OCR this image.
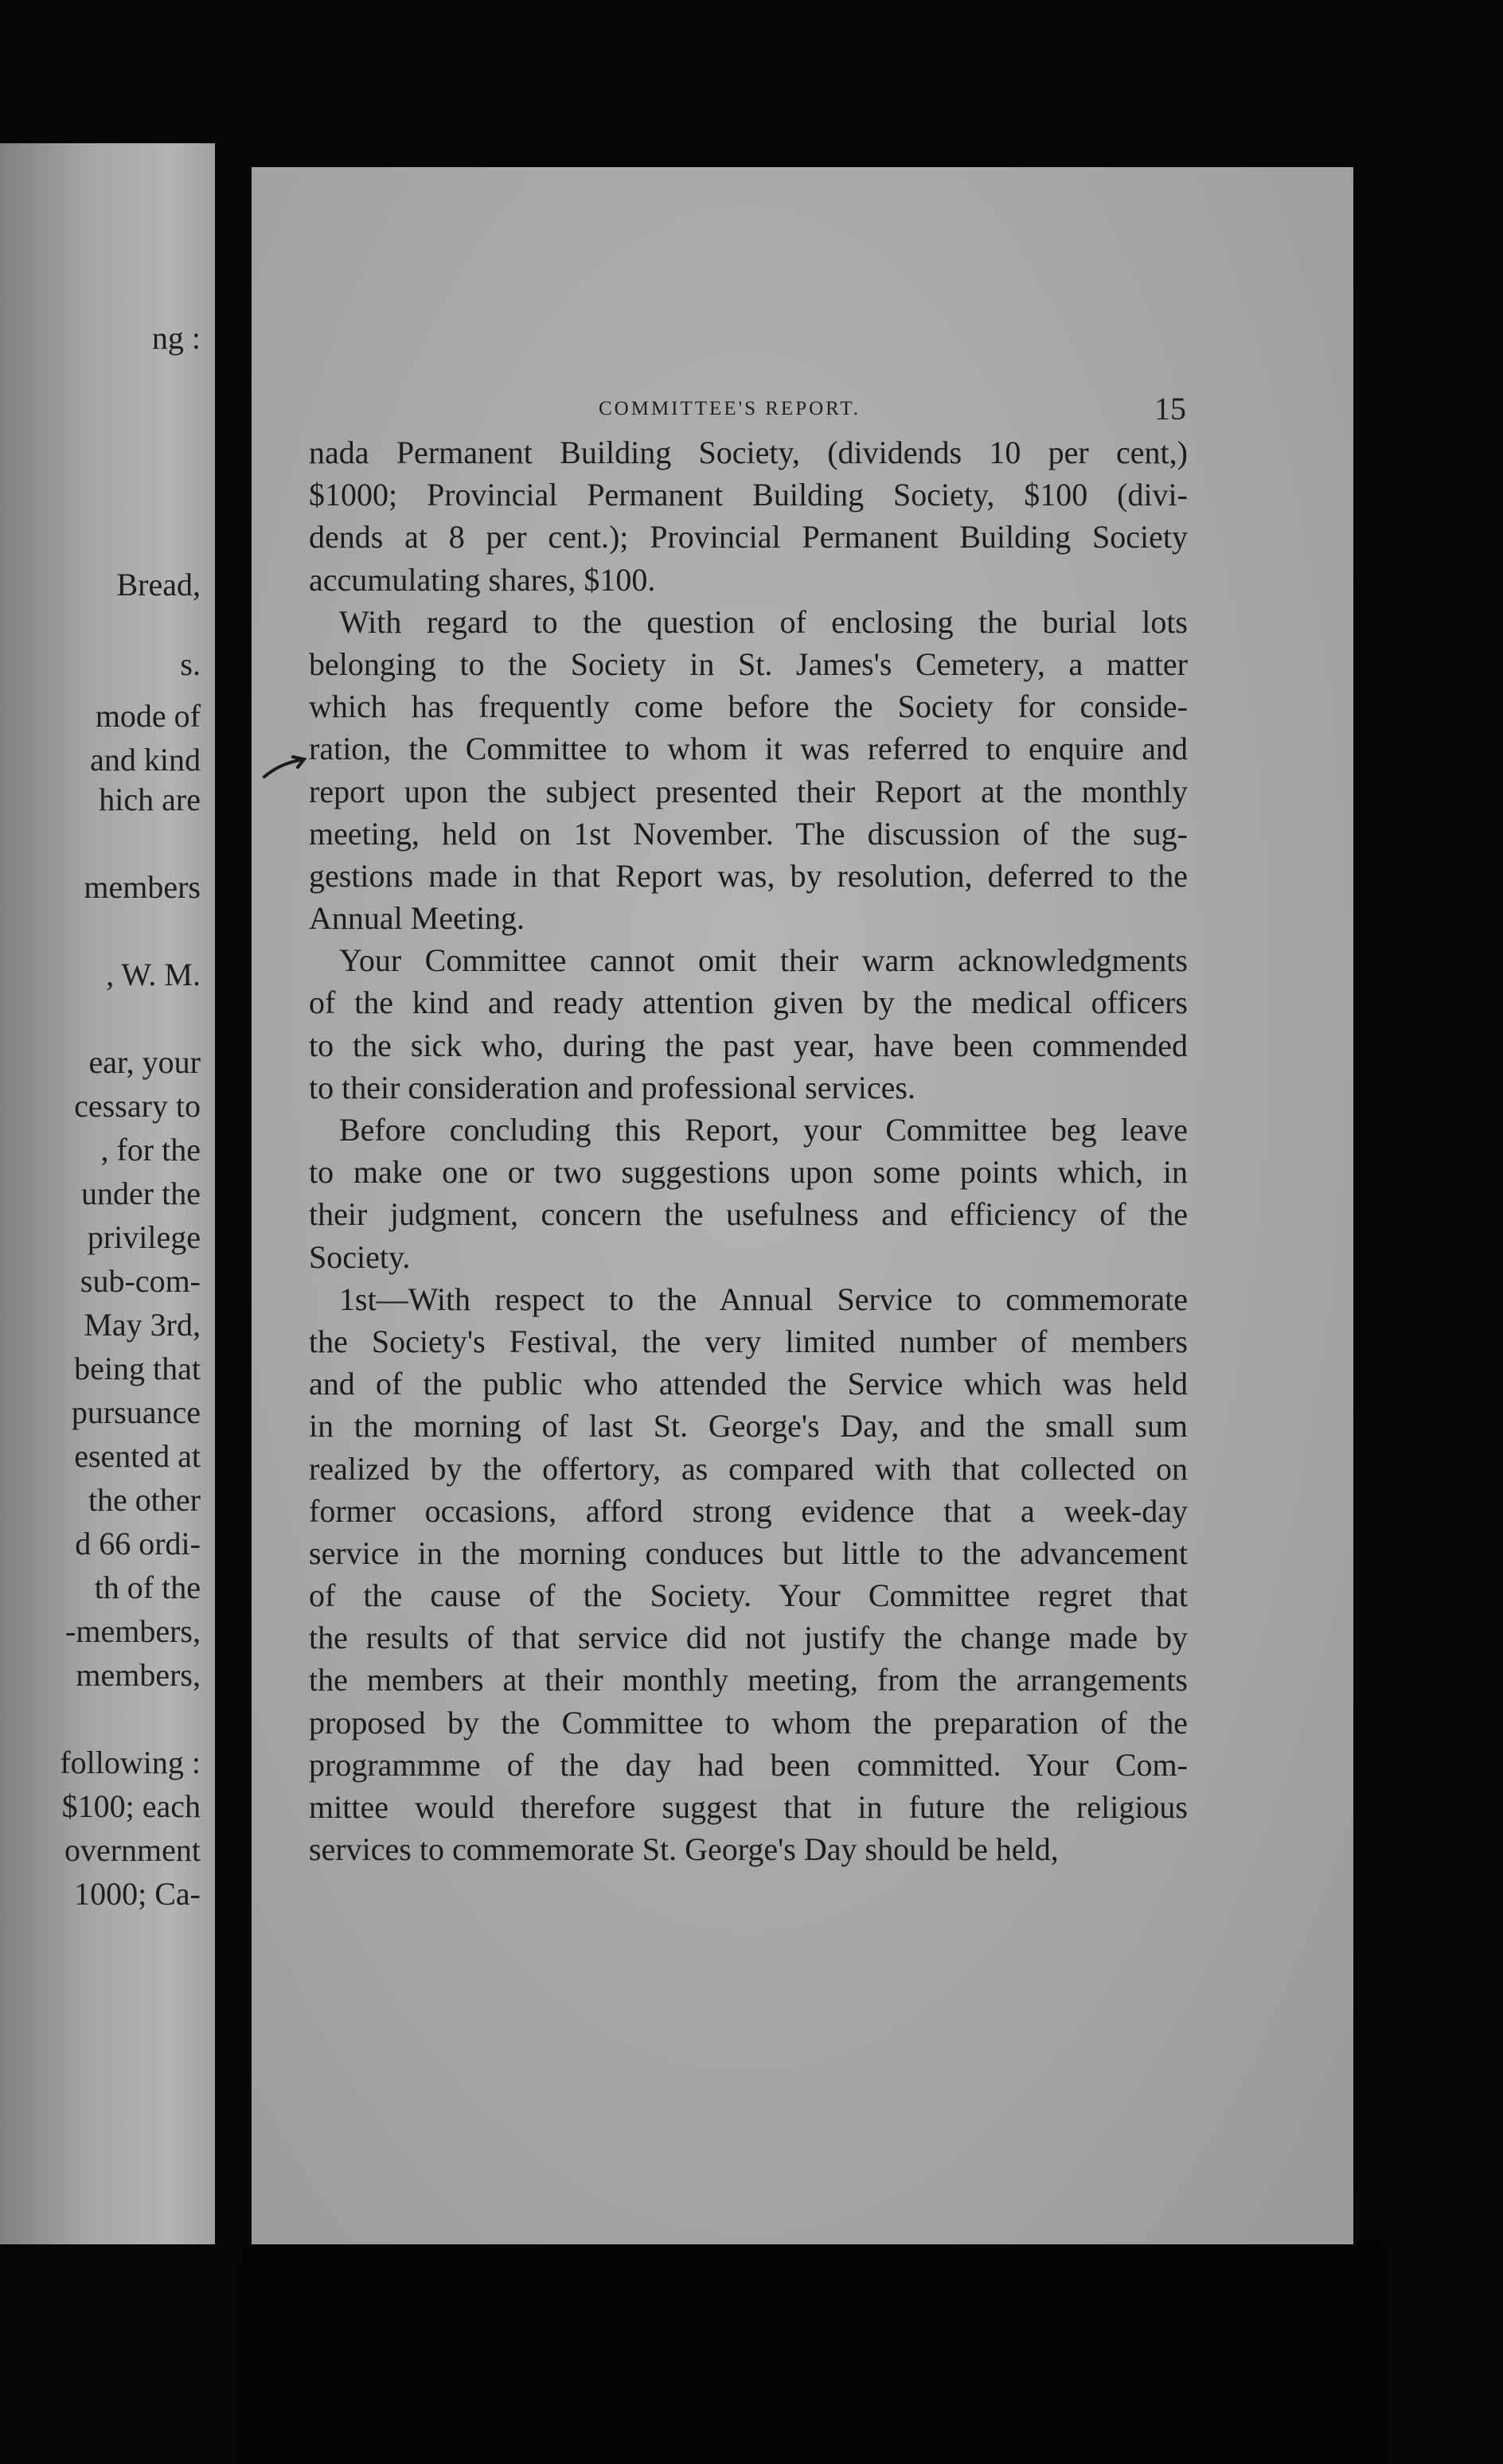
ng :
Bread,
s.
mode of
and kind
hich are
members
, W. M.
ear, your
cessary to
, for the
under the
privilege
sub-com-
May 3rd,
being that
pursuance
esented at
the other
d 66 ordi-
th of the
-members,
members,
following :
$100; each
overnment
1000; Ca-
COMMITTEE'S REPORT.	15
nada Permanent Building Society, (dividends 10 per cent,)
$1000; Provincial Permanent Building Society, $100 (divi-
dends at 8 per cent.); Provincial Permanent Building Society
accumulating shares, $100.
With regard to the question of enclosing the burial lots
belonging to the Society in St. James's Cemetery, a matter
which has frequently come before the Society for conside-
ration, the Committee to whom it was referred to enquire and
report upon the subject presented their Report at the monthly
meeting, held on 1st November. The discussion of the sug-
gestions made in that Report was, by resolution, deferred to the
Annual Meeting.
Your Committee cannot omit their warm acknowledgments
of the kind and ready attention given by the medical officers
to the sick who, during the past year, have been commended
to their consideration and professional services.
Before concluding this Report, your Committee beg leave
to make one or two suggestions upon some points which, in
their judgment, concern the usefulness and efficiency of the
Society.
1st—With respect to the Annual Service to commemorate
the Society's Festival, the very limited number of members
and of the public who attended the Service which was held
in the morning of last St. George's Day, and the small sum
realized by the offertory, as compared with that collected on
former occasions, afford strong evidence that a week-day
service in the morning conduces but little to the advancement
of the cause of the Society. Your Committee regret that
the results of that service did not justify the change made by
the members at their monthly meeting, from the arrangements
proposed by the Committee to whom the preparation of the
programmme of the day had been committed. Your Com-
mittee would therefore suggest that in future the religious
services to commemorate St. George's Day should be held,
